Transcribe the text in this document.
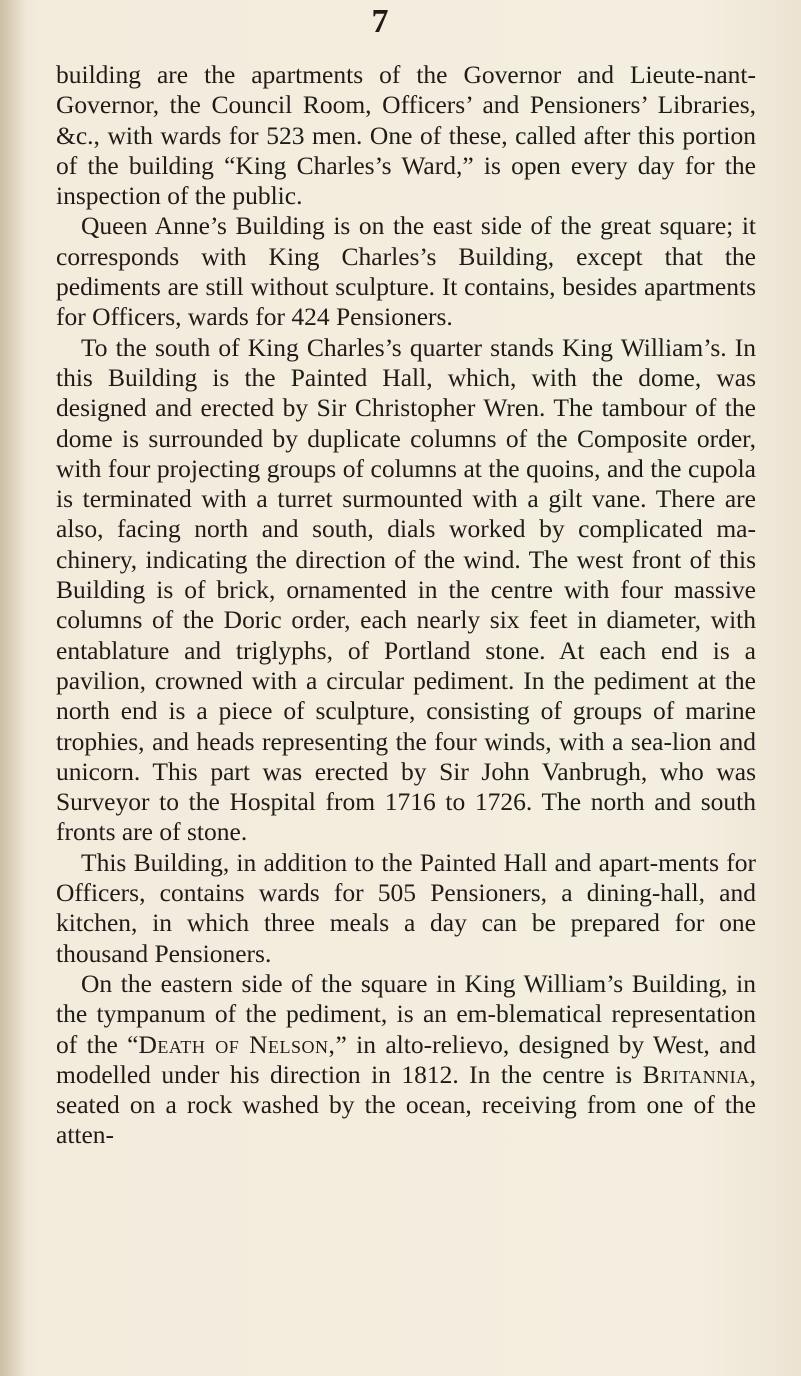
7

building are the apartments of the Governor and Lieute-nant-Governor, the Council Room, Officers’ and Pensioners’ Libraries, &c., with wards for 523 men. One of these, called after this portion of the building “King Charles’s Ward,” is open every day for the inspection of the public.

Queen Anne’s Building is on the east side of the great square; it corresponds with King Charles’s Building, except that the pediments are still without sculpture. It contains, besides apartments for Officers, wards for 424 Pensioners.

To the south of King Charles’s quarter stands King William’s. In this Building is the Painted Hall, which, with the dome, was designed and erected by Sir Christopher Wren. The tambour of the dome is surrounded by duplicate columns of the Composite order, with four projecting groups of columns at the quoins, and the cupola is terminated with a turret surmounted with a gilt vane. There are also, facing north and south, dials worked by complicated ma-chinery, indicating the direction of the wind. The west front of this Building is of brick, ornamented in the centre with four massive columns of the Doric order, each nearly six feet in diameter, with entablature and triglyphs, of Portland stone. At each end is a pavilion, crowned with a circular pediment. In the pediment at the north end is a piece of sculpture, consisting of groups of marine trophies, and heads representing the four winds, with a sea-lion and unicorn. This part was erected by Sir John Vanbrugh, who was Surveyor to the Hospital from 1716 to 1726. The north and south fronts are of stone.

This Building, in addition to the Painted Hall and apart-ments for Officers, contains wards for 505 Pensioners, a dining-hall, and kitchen, in which three meals a day can be prepared for one thousand Pensioners.

On the eastern side of the square in King William’s Building, in the tympanum of the pediment, is an em-blematical representation of the “Death of Nelson,” in alto-relievo, designed by West, and modelled under his direction in 1812. In the centre is Britannia, seated on a rock washed by the ocean, receiving from one of the atten-
